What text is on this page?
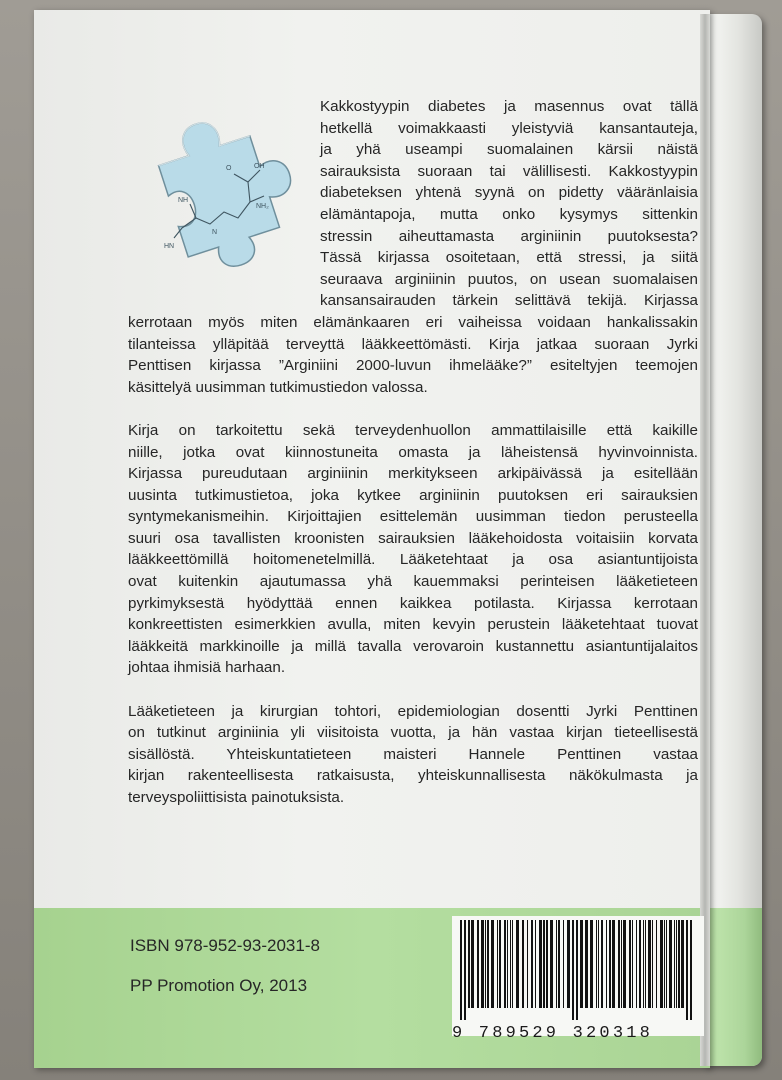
NH
HN
N
OH
O
NH₂

Kakkostyypin diabetes ja masennus ovat tällä
hetkellä voimakkaasti yleistyviä kansantauteja,
ja yhä useampi suomalainen kärsii näistä
sairauksista suoraan tai välillisesti. Kakkostyypin
diabeteksen yhtenä syynä on pidetty vääränlaisia
elämäntapoja, mutta onko kysymys sittenkin
stressin aiheuttamasta arginiinin puutoksesta?
Tässä kirjassa osoitetaan, että stressi, ja siitä
seuraava arginiinin puutos, on usean suomalaisen
kansansairauden tärkein selittävä tekijä. Kirjassa
kerrotaan myös miten elämänkaaren eri vaiheissa voidaan hankalissakin
tilanteissa ylläpitää terveyttä lääkkeettömästi. Kirja jatkaa suoraan Jyrki
Penttisen kirjassa ”Arginiini 2000-luvun ihmelääke?” esiteltyjen teemojen
käsittelyä uusimman tutkimustiedon valossa.

Kirja on tarkoitettu sekä terveydenhuollon ammattilaisille että kaikille
niille, jotka ovat kiinnostuneita omasta ja läheistensä hyvinvoinnista.
Kirjassa pureudutaan arginiinin merkitykseen arkipäivässä ja esitellään
uusinta tutkimustietoa, joka kytkee arginiinin puutoksen eri sairauksien
syntymekanismeihin. Kirjoittajien esittelemän uusimman tiedon perusteella
suuri osa tavallisten kroonisten sairauksien lääkehoidosta voitaisiin korvata
lääkkeettömillä hoitomenetelmillä. Lääketehtaat ja osa asiantuntijoista
ovat kuitenkin ajautumassa yhä kauemmaksi perinteisen lääketieteen
pyrkimyksestä hyödyttää ennen kaikkea potilasta. Kirjassa kerrotaan
konkreettisten esimerkkien avulla, miten kevyin perustein lääketehtaat tuovat
lääkkeitä markkinoille ja millä tavalla verovaroin kustannettu asiantuntijalaitos
johtaa ihmisiä harhaan.

Lääketieteen ja kirurgian tohtori, epidemiologian dosentti Jyrki Penttinen
on tutkinut arginiinia yli viisitoista vuotta, ja hän vastaa kirjan tieteellisestä
sisällöstä. Yhteiskuntatieteen maisteri Hannele Penttinen vastaa
kirjan rakenteellisesta ratkaisusta, yhteiskunnallisesta näkökulmasta ja
terveyspoliittisista painotuksista.

ISBN 978-952-93-2031-8
PP Promotion Oy, 2013
9 789529 320318
